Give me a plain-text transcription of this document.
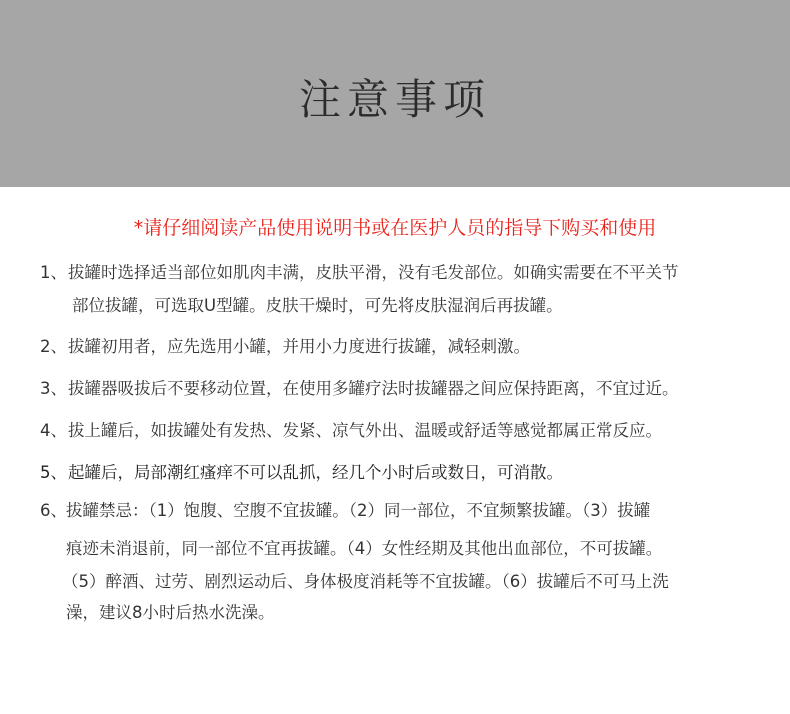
注意事项
*请仔细阅读产品使用说明书或在医护人员的指导下购买和使用
1、 拔罐时选择适当部位如肌肉丰满，皮肤平滑，没有毛发部位。如确实需要在不平关节
部位拔罐，可选取U型罐。皮肤干燥时，可先将皮肤湿润后再拔罐。
2、 拔罐初用者，应先选用小罐，并用小力度进行拔罐，减轻刺激。
3、 拔罐器吸拔后不要移动位置，在使用多罐疗法时拔罐器之间应保持距离，不宜过近。
4、 拔上罐后，如拔罐处有发热、发紧、凉气外出、温暖或舒适等感觉都属正常反应。
5、 起罐后，局部潮红瘙痒不可以乱抓，经几个小时后或数日，可消散。
6、 拔罐禁忌：（1）饱腹、空腹不宜拔罐。（2）同一部位，不宜频繁拔罐。（3）拔罐
痕迹未消退前，同一部位不宜再拔罐。（4）女性经期及其他出血部位，不可拔罐。
（5）醉酒、过劳、剧烈运动后、身体极度消耗等不宜拔罐。（6）拔罐后不可马上洗
澡，建议8小时后热水洗澡。
